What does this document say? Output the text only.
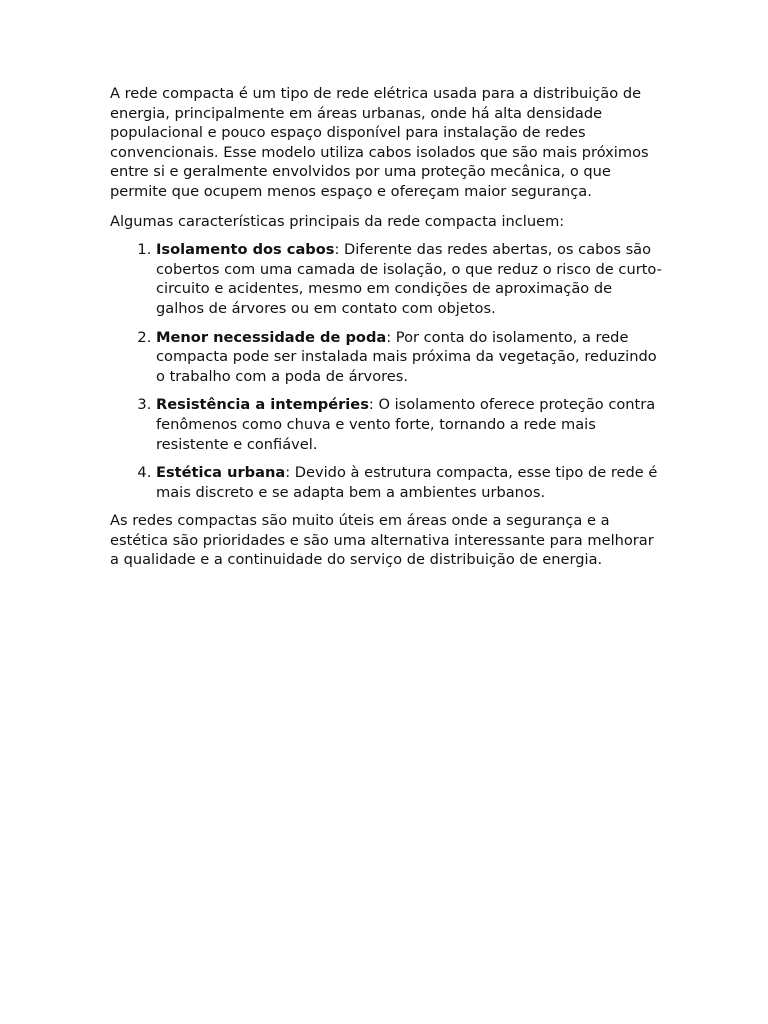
A rede compacta é um tipo de rede elétrica usada para a distribuição de energia, principalmente em áreas urbanas, onde há alta densidade populacional e pouco espaço disponível para instalação de redes convencionais. Esse modelo utiliza cabos isolados que são mais próximos entre si e geralmente envolvidos por uma proteção mecânica, o que permite que ocupem menos espaço e ofereçam maior segurança.

Algumas características principais da rede compacta incluem:

1. Isolamento dos cabos: Diferente das redes abertas, os cabos são cobertos com uma camada de isolação, o que reduz o risco de curto-circuito e acidentes, mesmo em condições de aproximação de galhos de árvores ou em contato com objetos.
2. Menor necessidade de poda: Por conta do isolamento, a rede compacta pode ser instalada mais próxima da vegetação, reduzindo o trabalho com a poda de árvores.
3. Resistência a intempéries: O isolamento oferece proteção contra fenômenos como chuva e vento forte, tornando a rede mais resistente e confiável.
4. Estética urbana: Devido à estrutura compacta, esse tipo de rede é mais discreto e se adapta bem a ambientes urbanos.

As redes compactas são muito úteis em áreas onde a segurança e a estética são prioridades e são uma alternativa interessante para melhorar a qualidade e a continuidade do serviço de distribuição de energia.
